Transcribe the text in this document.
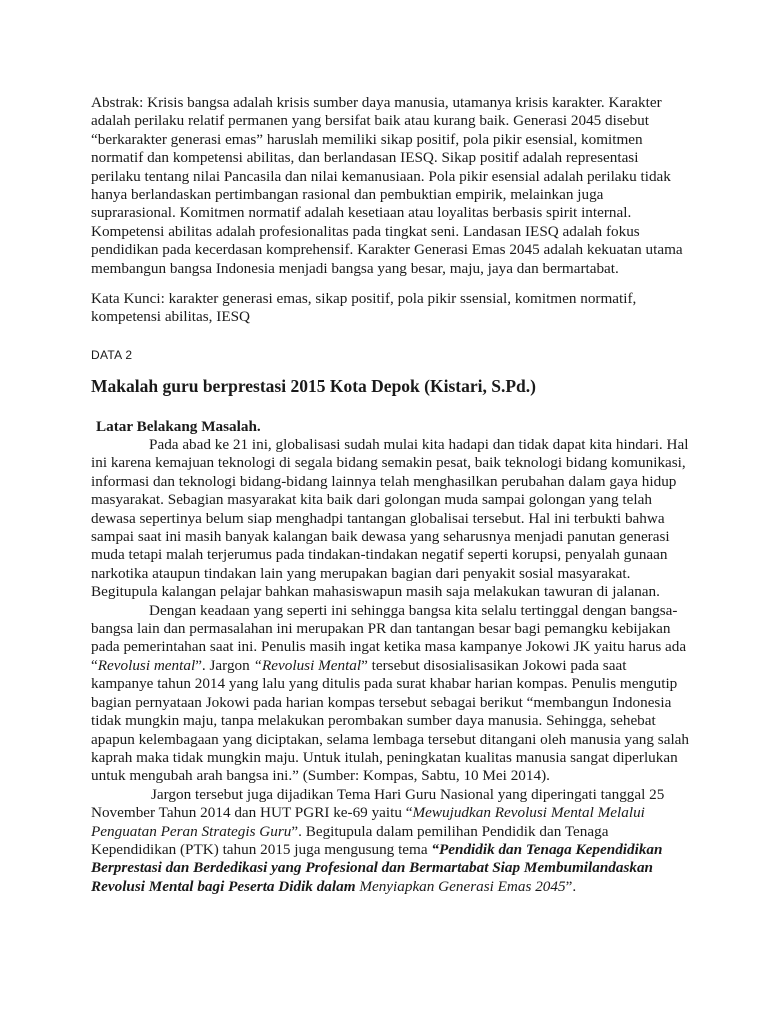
Abstrak: Krisis bangsa adalah krisis sumber daya manusia, utamanya krisis karakter. Karakter adalah perilaku relatif permanen yang bersifat baik atau kurang baik. Generasi 2045 disebut “berkarakter generasi emas” haruslah memiliki sikap positif, pola pikir esensial, komitmen normatif dan kompetensi abilitas, dan berlandasan IESQ. Sikap positif adalah representasi perilaku tentang nilai Pancasila dan nilai kemanusiaan. Pola pikir esensial adalah perilaku tidak hanya berlandaskan pertimbangan rasional dan pembuktian empirik, melainkan juga suprarasional. Komitmen normatif adalah kesetiaan atau loyalitas berbasis spirit internal. Kompetensi abilitas adalah profesionalitas pada tingkat seni. Landasan IESQ adalah fokus pendidikan pada kecerdasan komprehensif. Karakter Generasi Emas 2045 adalah kekuatan utama membangun bangsa Indonesia menjadi bangsa yang besar, maju, jaya dan bermartabat.
Kata Kunci: karakter generasi emas, sikap positif, pola pikir ssensial, komitmen normatif, kompetensi abilitas, IESQ
DATA 2
Makalah guru berprestasi 2015 Kota Depok (Kistari, S.Pd.)
Latar Belakang Masalah.

Pada abad ke 21 ini, globalisasi sudah mulai kita hadapi dan tidak dapat kita hindari. Hal ini karena kemajuan teknologi di segala bidang semakin pesat, baik teknologi bidang komunikasi, informasi dan teknologi bidang-bidang lainnya telah menghasilkan perubahan dalam gaya hidup masyarakat. Sebagian masyarakat kita baik dari golongan muda sampai golongan yang telah dewasa sepertinya belum siap menghadpi tantangan globalisai tersebut. Hal ini terbukti bahwa sampai saat ini masih banyak kalangan baik dewasa yang seharusnya menjadi panutan generasi muda tetapi malah terjerumus pada tindakan-tindakan negatif seperti korupsi, penyalah gunaan narkotika ataupun tindakan lain yang merupakan bagian dari penyakit sosial masyarakat. Begitupula kalangan pelajar bahkan mahasiswapun masih saja melakukan tawuran di jalanan.

Dengan keadaan yang seperti ini sehingga bangsa kita selalu tertinggal dengan bangsa-bangsa lain dan permasalahan ini merupakan PR dan tantangan besar bagi pemangku kebijakan pada pemerintahan saat ini. Penulis masih ingat ketika masa kampanye Jokowi JK yaitu harus ada “Revolusi mental”. Jargon “Revolusi Mental” tersebut disosialisasikan Jokowi pada saat kampanye tahun 2014 yang lalu yang ditulis pada surat khabar harian kompas. Penulis mengutip bagian pernyataan Jokowi pada harian kompas tersebut sebagai berikut “membangun Indonesia tidak mungkin maju, tanpa melakukan perombakan sumber daya manusia. Sehingga, sehebat apapun kelembagaan yang diciptakan, selama lembaga tersebut ditangani oleh manusia yang salah kaprah maka tidak mungkin maju. Untuk itulah, peningkatan kualitas manusia sangat diperlukan untuk mengubah arah bangsa ini.” (Sumber: Kompas, Sabtu, 10 Mei 2014).

Jargon tersebut juga dijadikan Tema Hari Guru Nasional yang diperingati tanggal 25 November Tahun 2014 dan HUT PGRI ke-69 yaitu “Mewujudkan Revolusi Mental Melalui Penguatan Peran Strategis Guru”. Begitupula dalam pemilihan Pendidik dan Tenaga Kependidikan (PTK) tahun 2015 juga mengusung tema “Pendidik dan Tenaga Kependidikan Berprestasi dan Berdedikasi yang Profesional dan Bermartabat Siap Membumilandaskan Revolusi Mental bagi Peserta Didik dalam Menyiapkan Generasi Emas 2045”.
